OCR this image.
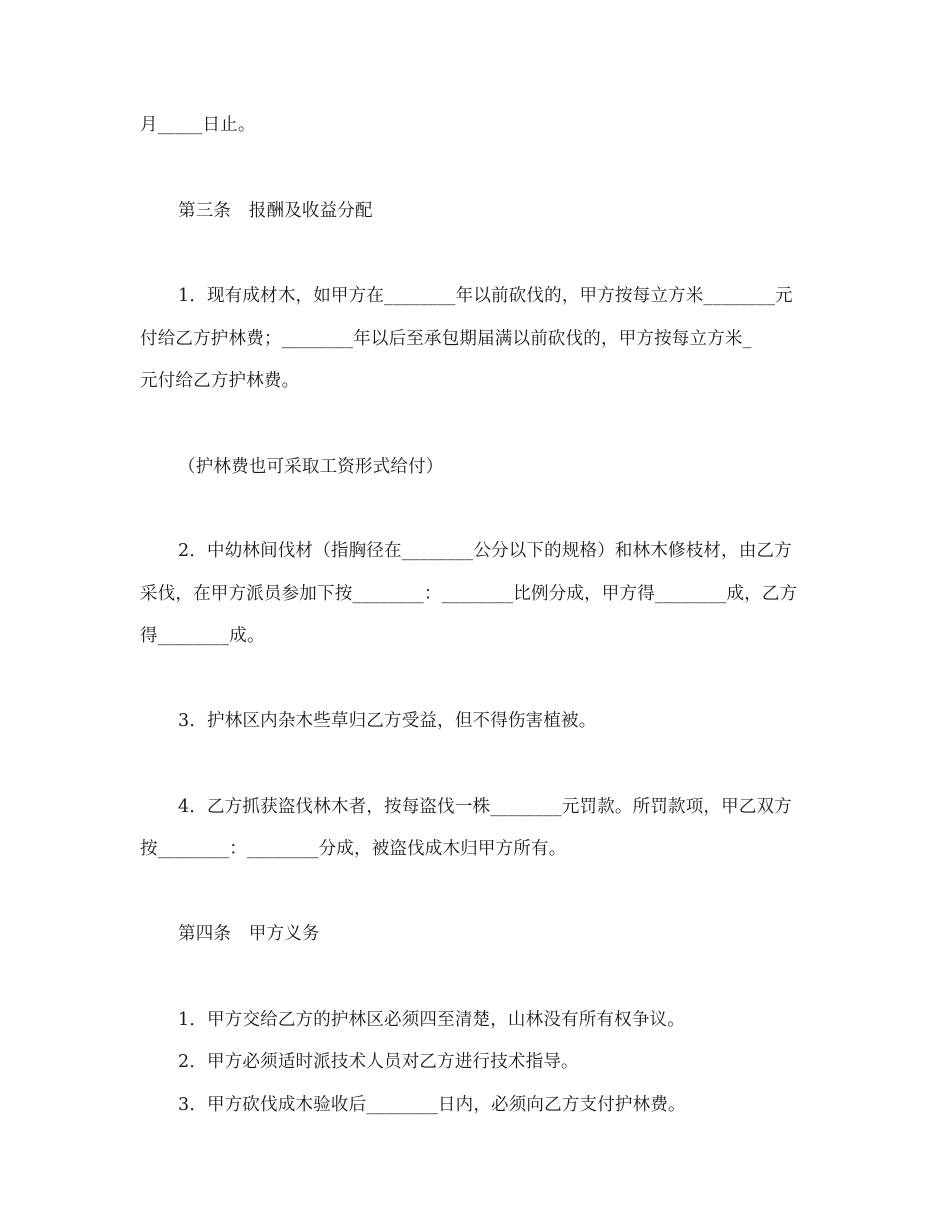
月_____日止。
第三条　报酬及收益分配
1．现有成材木，如甲方在________年以前砍伐的，甲方按每立方米________元
付给乙方护林费；________年以后至承包期届满以前砍伐的，甲方按每立方米_
元付给乙方护林费。
（护林费也可采取工资形式给付）
2．中幼林间伐材（指胸径在________公分以下的规格）和林木修枝材，由乙方
采伐，在甲方派员参加下按________：________比例分成，甲方得________成，乙方
得________成。
3．护林区内杂木些草归乙方受益，但不得伤害植被。
4．乙方抓获盗伐林木者，按每盗伐一株________元罚款。所罚款项，甲乙双方
按________：________分成，被盗伐成木归甲方所有。
第四条　甲方义务
1．甲方交给乙方的护林区必须四至清楚，山林没有所有权争议。
2．甲方必须适时派技术人员对乙方进行技术指导。
3．甲方砍伐成木验收后________日内，必须向乙方支付护林费。
